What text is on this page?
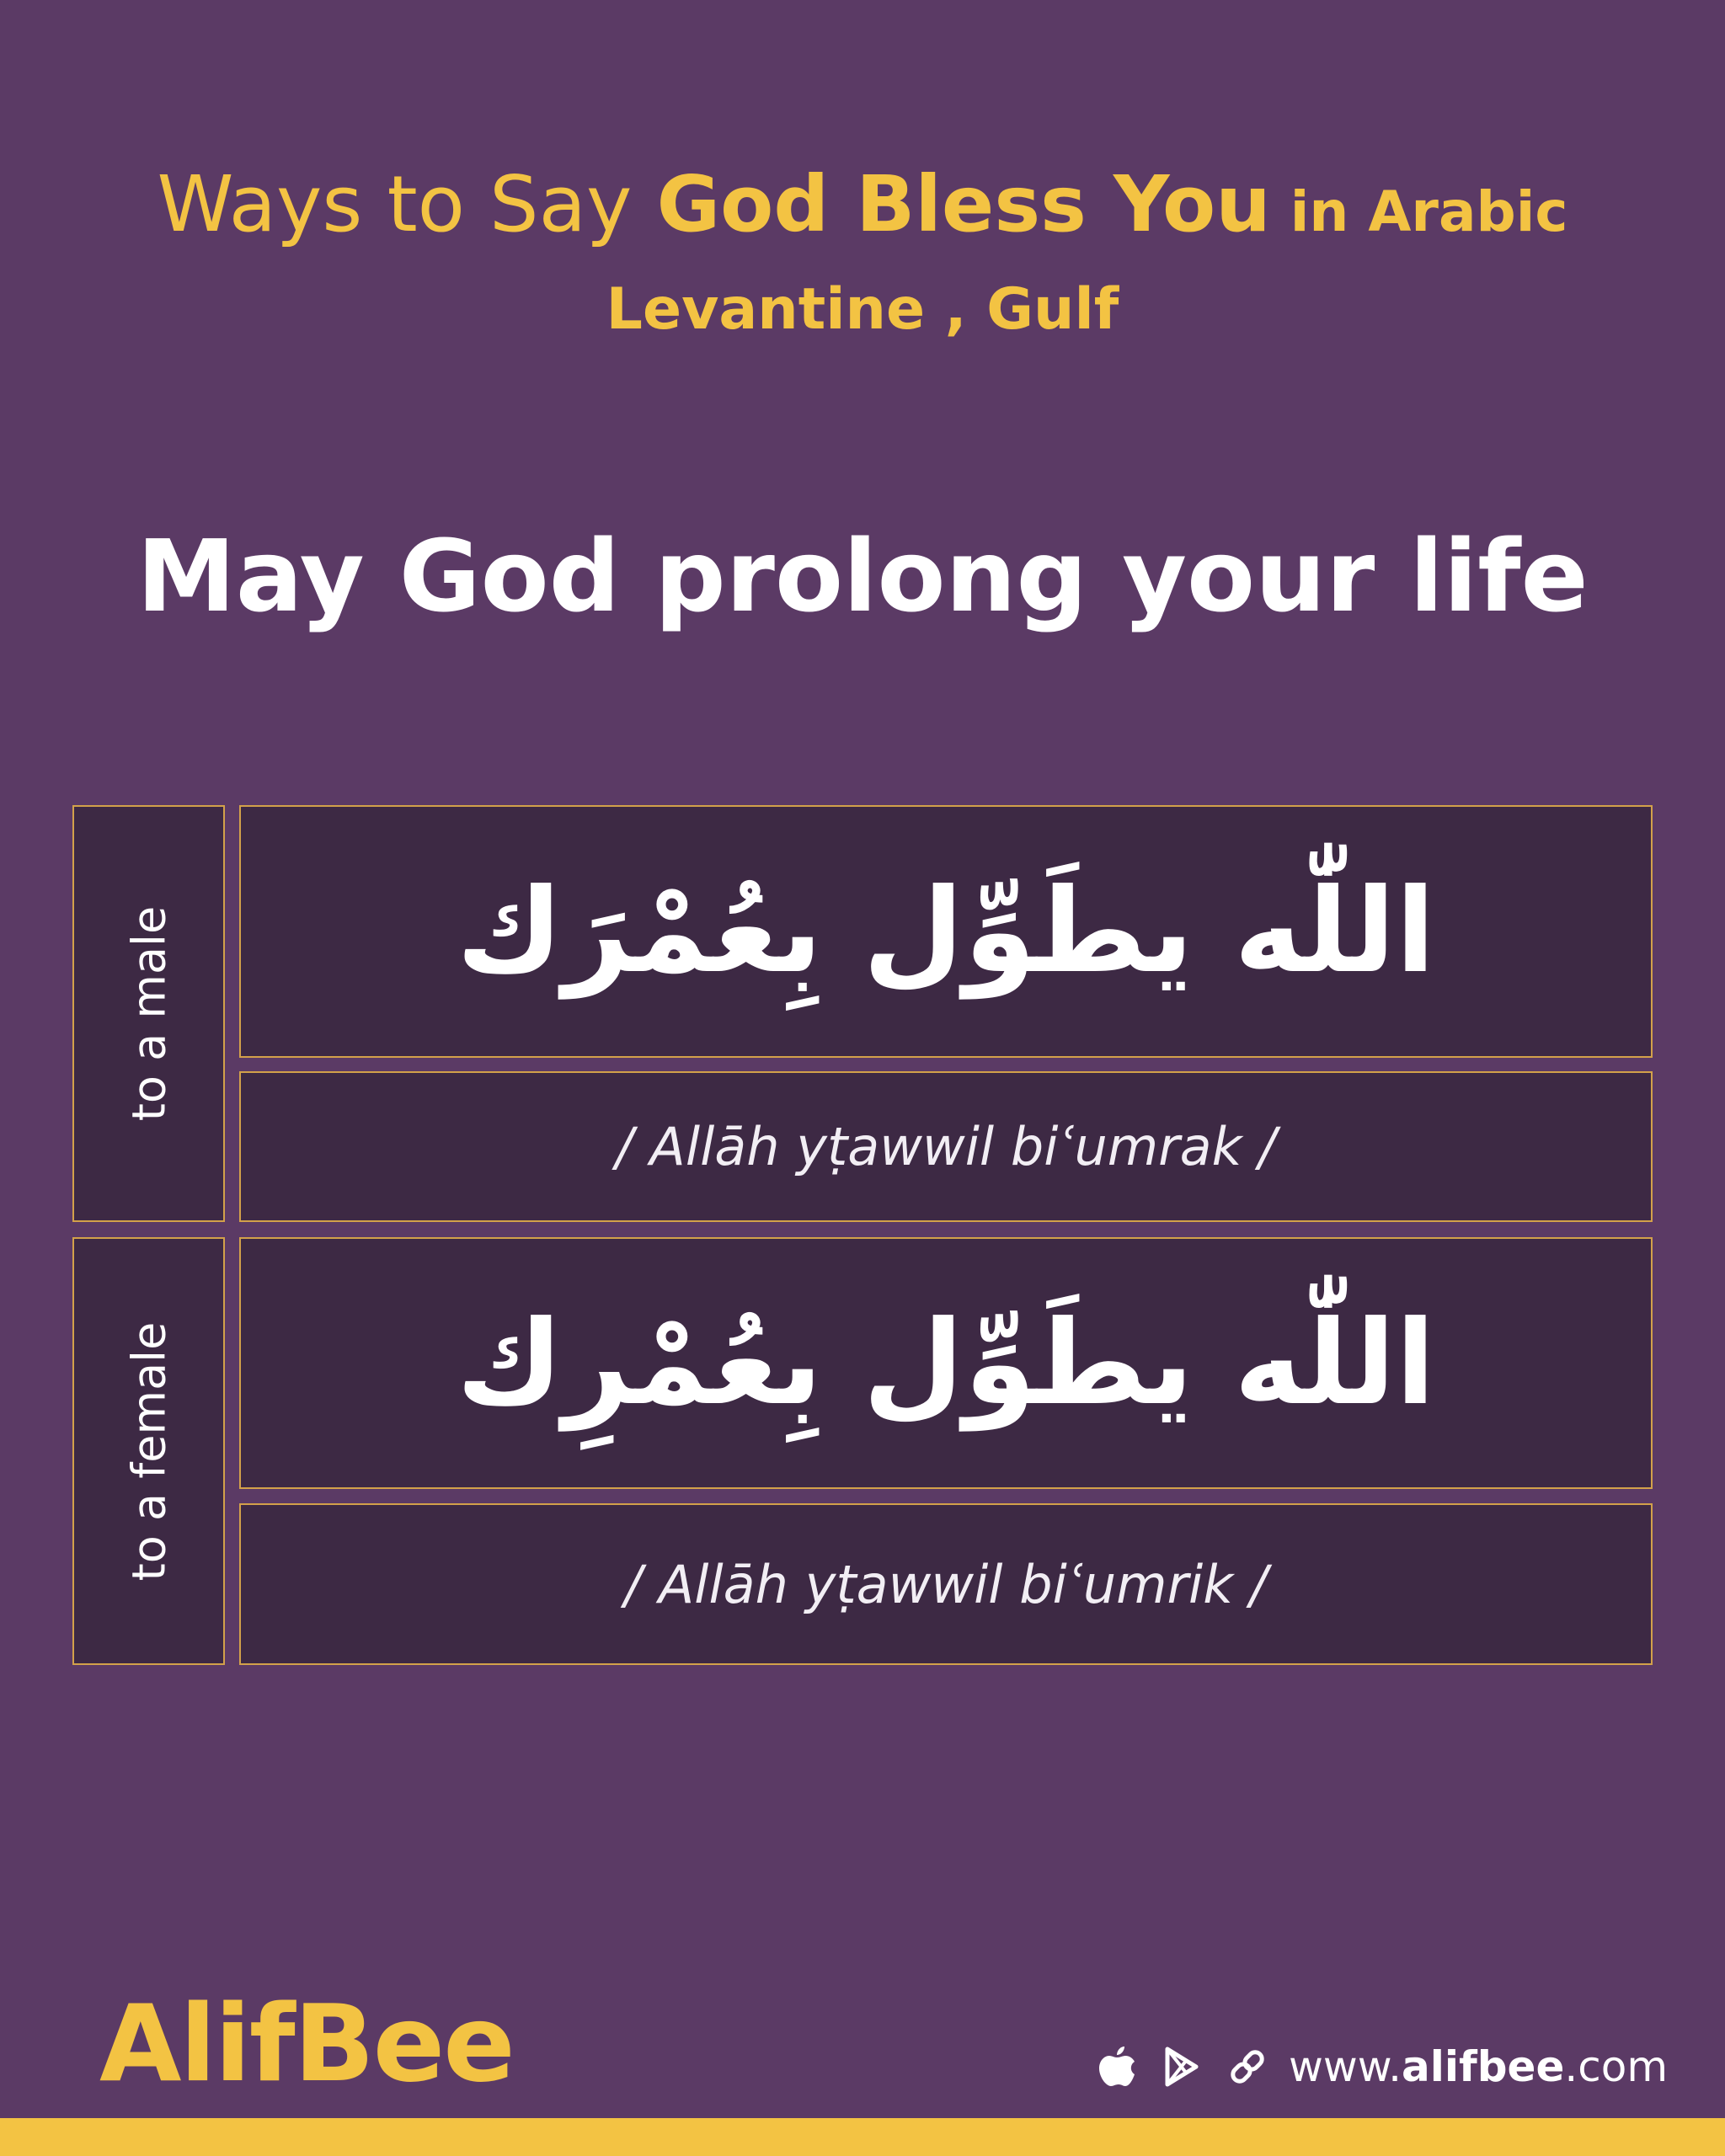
Ways to Say God Bless You in Arabic
Levantine , Gulf
May God prolong your life
to a male اللّٰه يطَوِّل بِعُمْرَك
/ Allāh yṭawwil biʿumrak /
to a female اللّٰه يطَوِّل بِعُمْرِك
/ Allāh yṭawwil biʿumrik /
AlifBee	www.alifbee.com
